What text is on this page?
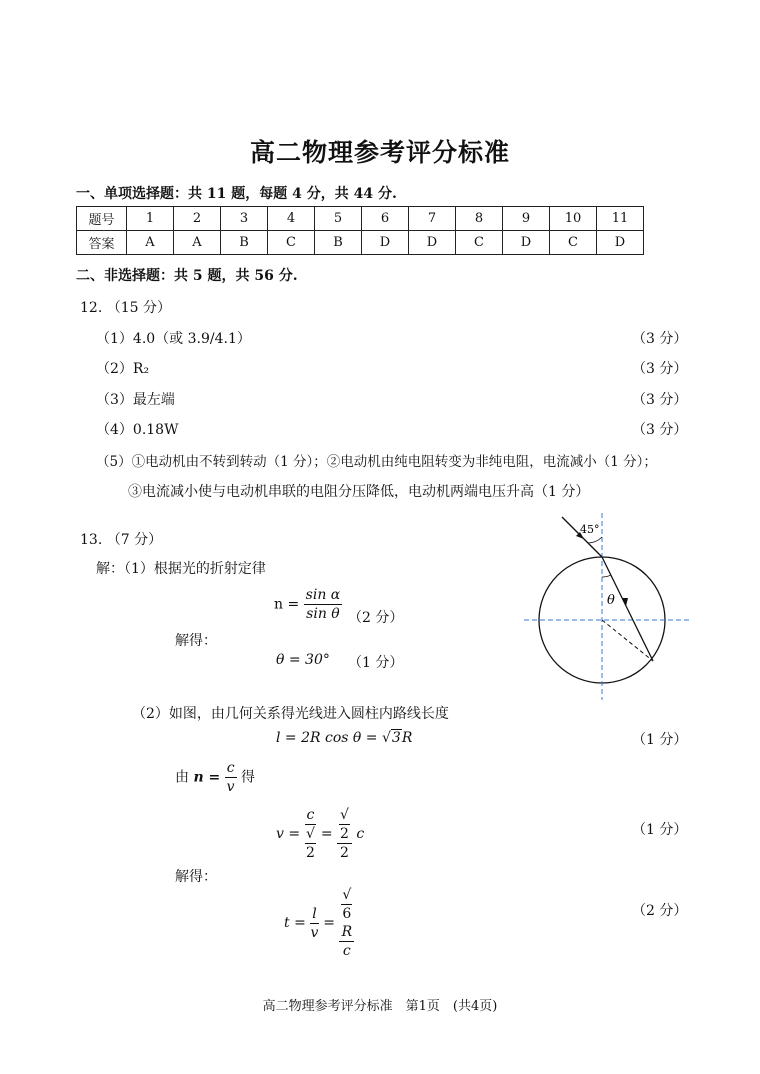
高二物理参考评分标准
一、单项选择题：共 11 题，每题 4 分，共 44 分.
题号	1	2	3	4	5	6	7	8	9	10	11
答案	A	A	B	C	B	D	D	C	D	C	D
二、非选择题：共 5 题，共 56 分.
12. （15 分）
（1）4.0（或 3.9/4.1）	（3 分）
（2）R₂	（3 分）
（3）最左端	（3 分）
（4）0.18W	（3 分）
（5）①电动机由不转到转动（1 分）；②电动机由纯电阻转变为非纯电阻，电流减小（1 分）；
③电流减小使与电动机串联的电阻分压降低，电动机两端电压升高（1 分）
13. （7 分）
解：（1）根据光的折射定律
$n = \frac{\text{sin α}}{\text{sin θ}} (2$ 分）
解得：
θ = 30° （1 分）
（2）如图，由几何关系得光线进入圆柱内路线长度
l = 2R cos θ = √3R	（1 分）
由 $n = \frac{c}{v}$ 得
v = c
√
2 = √
2
2 c	（1 分）
解得：
$t = \frac{l}{v}$ = √
6
R
c	（2 分）
45°
θ
高二物理参考评分标准　第1页　(共4页)
